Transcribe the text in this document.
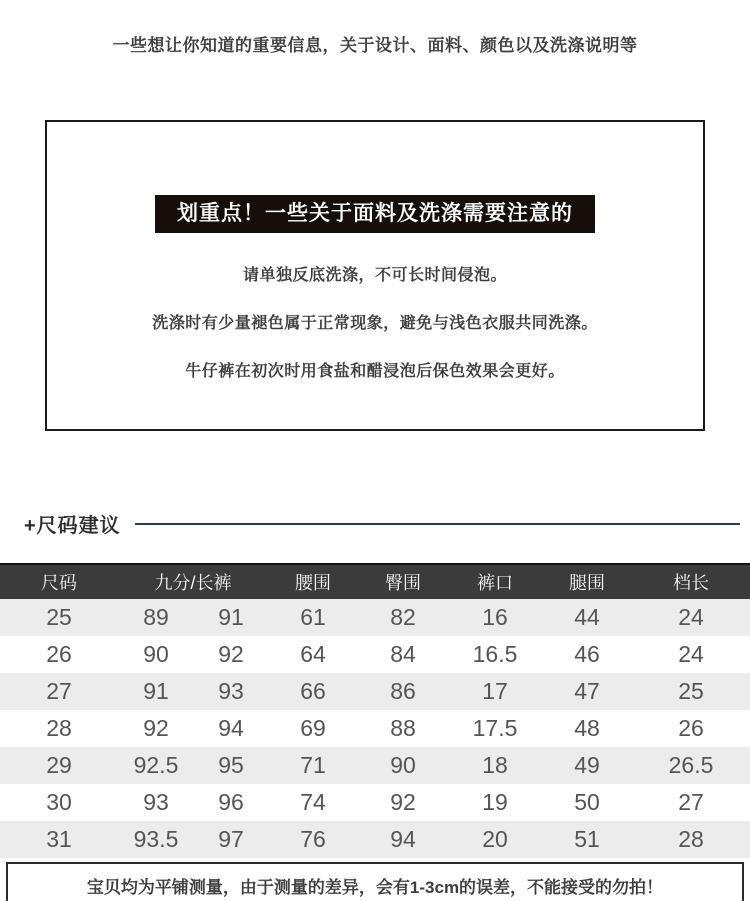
一些想让你知道的重要信息，关于设计、面料、颜色以及洗涤说明等
划重点！一些关于面料及洗涤需要注意的

请单独反底洗涤，不可长时间侵泡。

洗涤时有少量褪色属于正常现象，避免与浅色衣服共同洗涤。

牛仔裤在初次时用食盐和醋浸泡后保色效果会更好。

+尺码建议
尺码	九分/长裤	腰围	臀围	裤口	腿围	档长
25	89	91	61	82	16	44	24
26	90	92	64	84	16.5	46	24
27	91	93	66	86	17	47	25
28	92	94	69	88	17.5	48	26
29	92.5	95	71	90	18	49	26.5
30	93	96	74	92	19	50	27
31	93.5	97	76	94	20	51	28
宝贝均为平铺测量，由于测量的差异，会有1-3cm的误差，不能接受的勿拍！
